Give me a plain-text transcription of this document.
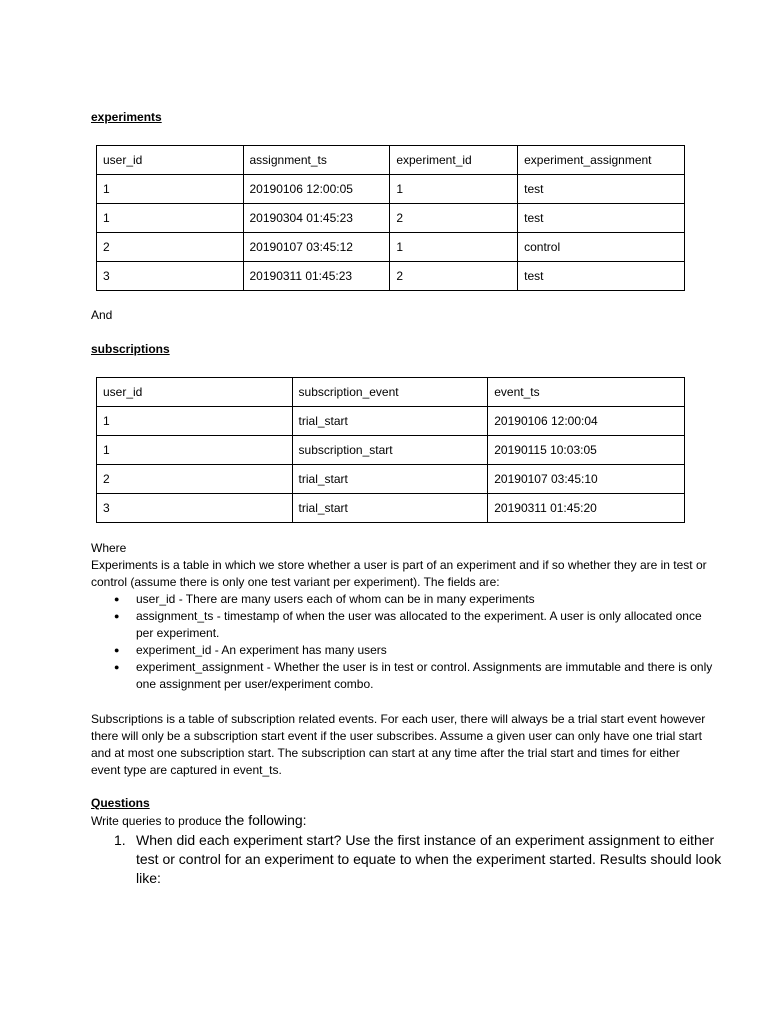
experiments
user_id	assignment_ts	experiment_id	experiment_assignment
1	20190106 12:00:05	1	test
1	20190304 01:45:23	2	test
2	20190107 03:45:12	1	control
3	20190311 01:45:23	2	test
And
subscriptions
user_id	subscription_event	event_ts
1	trial_start	20190106 12:00:04
1	subscription_start	20190115 10:03:05
2	trial_start	20190107 03:45:10
3	trial_start	20190311 01:45:20
Where
Experiments is a table in which we store whether a user is part of an experiment and if so whether they are in test or control (assume there is only one test variant per experiment). The fields are:
● user_id - There are many users each of whom can be in many experiments
● assignment_ts - timestamp of when the user was allocated to the experiment. A user is only allocated once per experiment.
● experiment_id - An experiment has many users
● experiment_assignment - Whether the user is in test or control. Assignments are immutable and there is only one assignment per user/experiment combo.
Subscriptions is a table of subscription related events. For each user, there will always be a trial start event however there will only be a subscription start event if the user subscribes. Assume a given user can only have one trial start and at most one subscription start. The subscription can start at any time after the trial start and times for either event type are captured in event_ts.
Questions
Write queries to produce the following:
1. When did each experiment start? Use the first instance of an experiment assignment to either test or control for an experiment to equate to when the experiment started. Results should look like:
